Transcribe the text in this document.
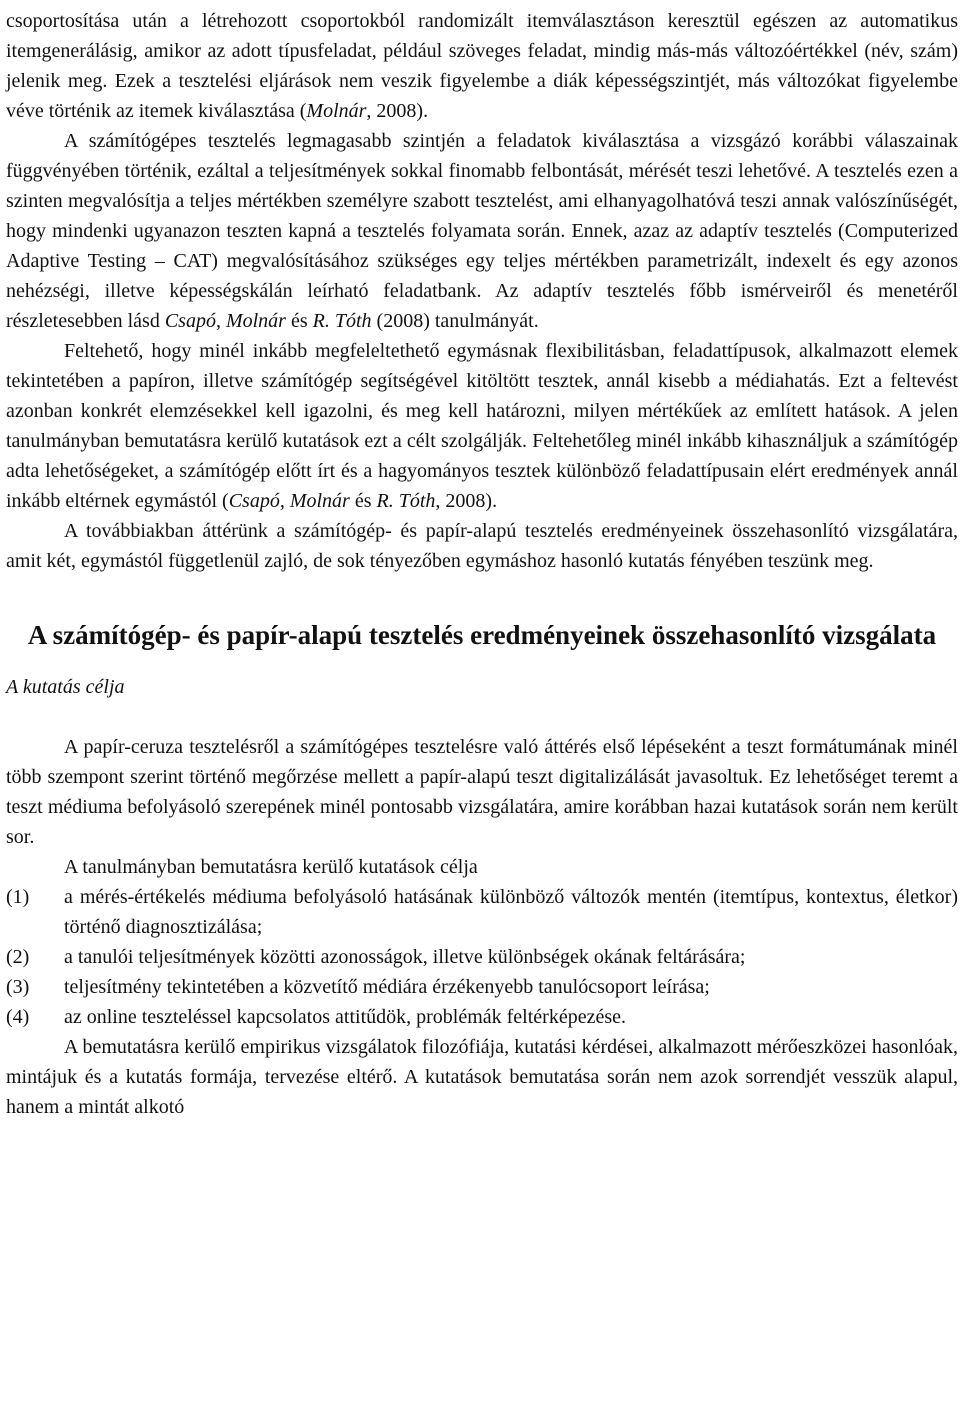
csoportosítása után a létrehozott csoportokból randomizált itemválasztáson keresztül egészen az automatikus itemgenerálásig, amikor az adott típusfeladat, például szöveges feladat, mindig más-más változóértékkel (név, szám) jelenik meg. Ezek a tesztelési eljárások nem veszik figyelembe a diák képességszintjét, más változókat figyelembe véve történik az itemek kiválasztása (Molnár, 2008).

A számítógépes tesztelés legmagasabb szintjén a feladatok kiválasztása a vizsgázó korábbi válaszainak függvényében történik, ezáltal a teljesítmények sokkal finomabb felbontását, mérését teszi lehetővé. A tesztelés ezen a szinten megvalósítja a teljes mértékben személyre szabott tesztelést, ami elhanyagolhatóvá teszi annak valószínűségét, hogy mindenki ugyanazon teszten kapná a tesztelés folyamata során. Ennek, azaz az adaptív tesztelés (Computerized Adaptive Testing – CAT) megvalósításához szükséges egy teljes mértékben parametrizált, indexelt és egy azonos nehézségi, illetve képességskálán leírható feladatbank. Az adaptív tesztelés főbb ismérveiről és menetéről részletesebben lásd Csapó, Molnár és R. Tóth (2008) tanulmányát.

Feltehető, hogy minél inkább megfeleltethető egymásnak flexibilitásban, feladattípusok, alkalmazott elemek tekintetében a papíron, illetve számítógép segítségével kitöltött tesztek, annál kisebb a médiahatás. Ezt a feltevést azonban konkrét elemzésekkel kell igazolni, és meg kell határozni, milyen mértékűek az említett hatások. A jelen tanulmányban bemutatásra kerülő kutatások ezt a célt szolgálják. Feltehetőleg minél inkább kihasználjuk a számítógép adta lehetőségeket, a számítógép előtt írt és a hagyományos tesztek különböző feladattípusain elért eredmények annál inkább eltérnek egymástól (Csapó, Molnár és R. Tóth, 2008).

A továbbiakban áttérünk a számítógép- és papír-alapú tesztelés eredményeinek összehasonlító vizsgálatára, amit két, egymástól függetlenül zajló, de sok tényezőben egymáshoz hasonló kutatás fényében teszünk meg.

A számítógép- és papír-alapú tesztelés eredményeinek összehasonlító vizsgálata

A kutatás célja

A papír-ceruza tesztelésről a számítógépes tesztelésre való áttérés első lépéseként a teszt formátumának minél több szempont szerint történő megőrzése mellett a papír-alapú teszt digitalizálását javasoltuk. Ez lehetőséget teremt a teszt médiuma befolyásoló szerepének minél pontosabb vizsgálatára, amire korábban hazai kutatások során nem került sor.

A tanulmányban bemutatásra kerülő kutatások célja

(1)	a mérés-értékelés médiuma befolyásoló hatásának különböző változók mentén (itemtípus, kontextus, életkor) történő diagnosztizálása;
(2)	a tanulói teljesítmények közötti azonosságok, illetve különbségek okának feltárására;
(3)	teljesítmény tekintetében a közvetítő médiára érzékenyebb tanulócsoport leírása;
(4)	az online teszteléssel kapcsolatos attitűdök, problémák feltérképezése.

A bemutatásra kerülő empirikus vizsgálatok filozófiája, kutatási kérdései, alkalmazott mérőeszközei hasonlóak, mintájuk és a kutatás formája, tervezése eltérő. A kutatások bemutatása során nem azok sorrendjét vesszük alapul, hanem a mintát alkotó
